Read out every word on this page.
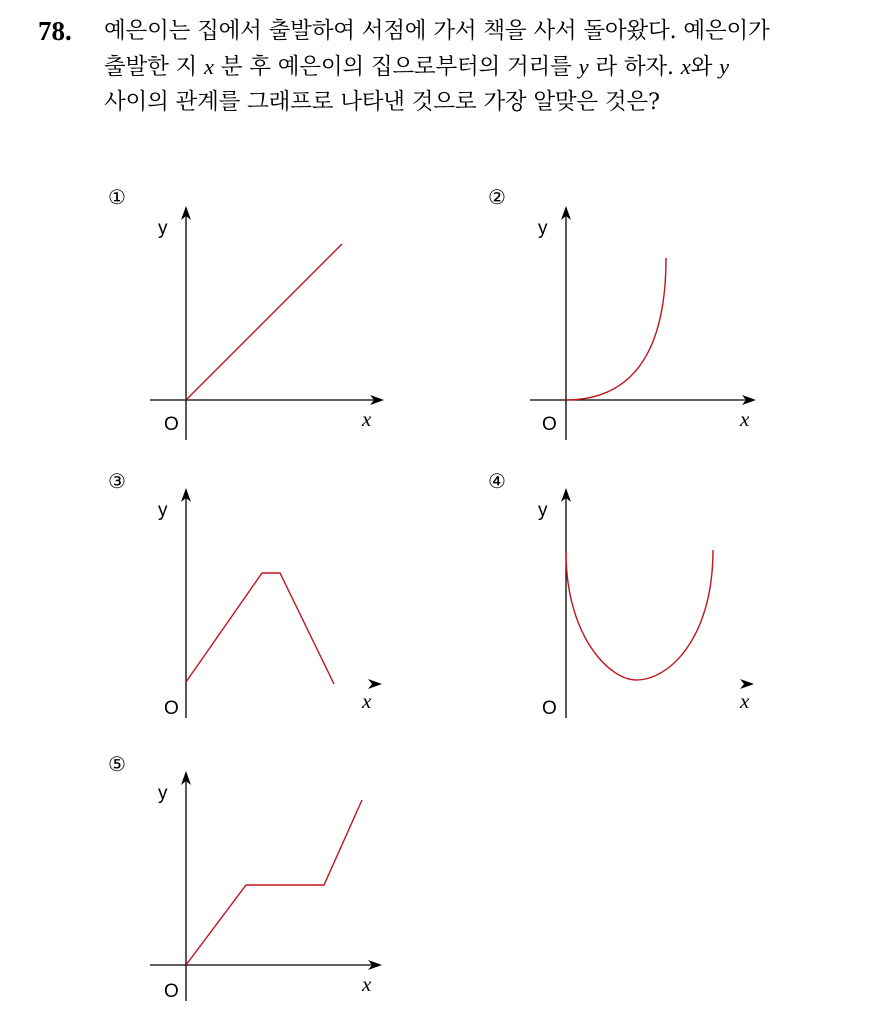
78. 예은이는 집에서 출발하여 서점에 가서 책을 사서 돌아왔다. 예은이가
출발한 지 x 분 후 예은이의 집으로부터의 거리를 y 라 하자. x와 y
사이의 관계를 그래프로 나타낸 것으로 가장 알맞은 것은?
①
y
O	x
②
y
O	x
③
y
O	x
④
y
O	x
⑤
y
O	x
